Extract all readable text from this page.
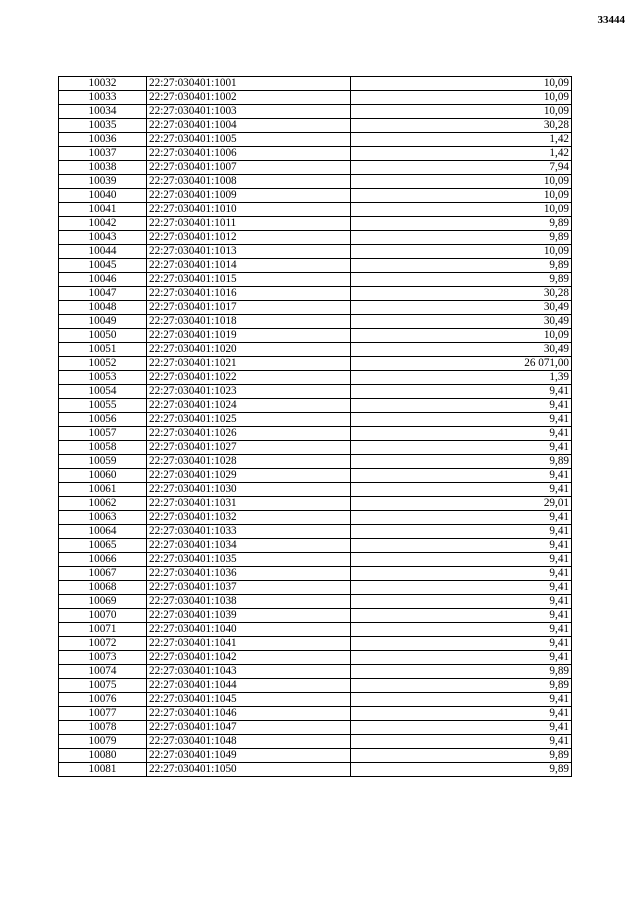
33444
10032	22:27:030401:1001	10,09
10033	22:27:030401:1002	10,09
10034	22:27:030401:1003	10,09
10035	22:27:030401:1004	30,28
10036	22:27:030401:1005	1,42
10037	22:27:030401:1006	1,42
10038	22:27:030401:1007	7,94
10039	22:27:030401:1008	10,09
10040	22:27:030401:1009	10,09
10041	22:27:030401:1010	10,09
10042	22:27:030401:1011	9,89
10043	22:27:030401:1012	9,89
10044	22:27:030401:1013	10,09
10045	22:27:030401:1014	9,89
10046	22:27:030401:1015	9,89
10047	22:27:030401:1016	30,28
10048	22:27:030401:1017	30,49
10049	22:27:030401:1018	30,49
10050	22:27:030401:1019	10,09
10051	22:27:030401:1020	30,49
10052	22:27:030401:1021	26 071,00
10053	22:27:030401:1022	1,39
10054	22:27:030401:1023	9,41
10055	22:27:030401:1024	9,41
10056	22:27:030401:1025	9,41
10057	22:27:030401:1026	9,41
10058	22:27:030401:1027	9,41
10059	22:27:030401:1028	9,89
10060	22:27:030401:1029	9,41
10061	22:27:030401:1030	9,41
10062	22:27:030401:1031	29,01
10063	22:27:030401:1032	9,41
10064	22:27:030401:1033	9,41
10065	22:27:030401:1034	9,41
10066	22:27:030401:1035	9,41
10067	22:27:030401:1036	9,41
10068	22:27:030401:1037	9,41
10069	22:27:030401:1038	9,41
10070	22:27:030401:1039	9,41
10071	22:27:030401:1040	9,41
10072	22:27:030401:1041	9,41
10073	22:27:030401:1042	9,41
10074	22:27:030401:1043	9,89
10075	22:27:030401:1044	9,89
10076	22:27:030401:1045	9,41
10077	22:27:030401:1046	9,41
10078	22:27:030401:1047	9,41
10079	22:27:030401:1048	9,41
10080	22:27:030401:1049	9,89
10081	22:27:030401:1050	9,89
